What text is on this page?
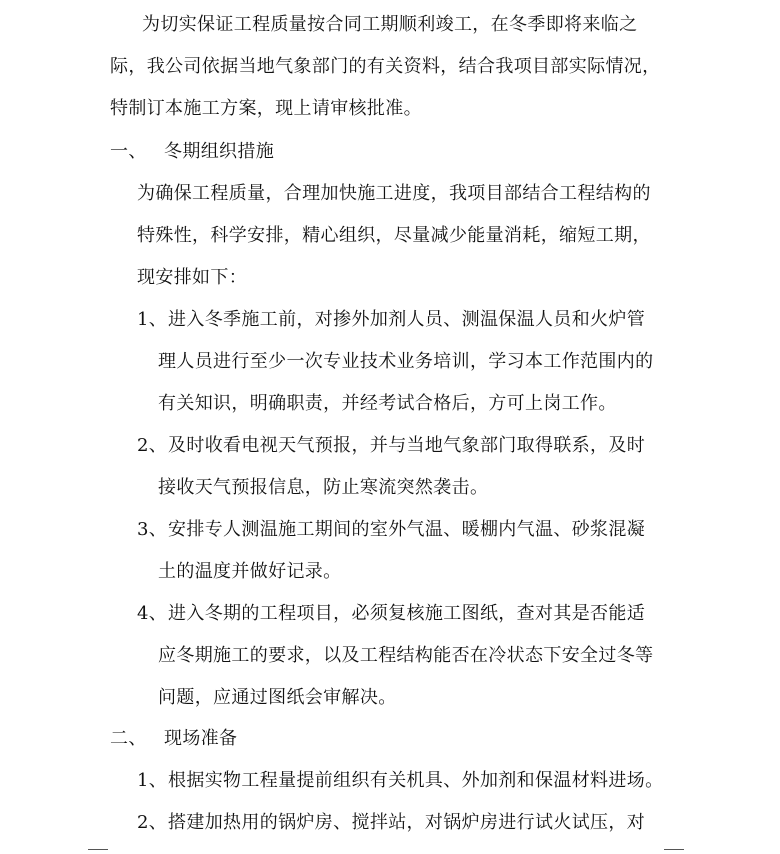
为切实保证工程质量按合同工期顺利竣工，在冬季即将来临之
际，我公司依据当地气象部门的有关资料，结合我项目部实际情况，
特制订本施工方案，现上请审核批准。
一、 冬期组织措施
为确保工程质量，合理加快施工进度，我项目部结合工程结构的
特殊性，科学安排，精心组织，尽量减少能量消耗，缩短工期，
现安排如下：
1、 进入冬季施工前，对掺外加剂人员、测温保温人员和火炉管
理人员进行至少一次专业技术业务培训，学习本工作范围内的
有关知识，明确职责，并经考试合格后，方可上岗工作。
2、 及时收看电视天气预报，并与当地气象部门取得联系，及时
接收天气预报信息，防止寒流突然袭击。
3、 安排专人测温施工期间的室外气温、暖棚内气温、砂浆混凝
土的温度并做好记录。
4、 进入冬期的工程项目，必须复核施工图纸，查对其是否能适
应冬期施工的要求，以及工程结构能否在冷状态下安全过冬等
问题，应通过图纸会审解决。
二、 现场准备
1、 根据实物工程量提前组织有关机具、外加剂和保温材料进场。
2、 搭建加热用的锅炉房、搅拌站，对锅炉房进行试火试压，对
